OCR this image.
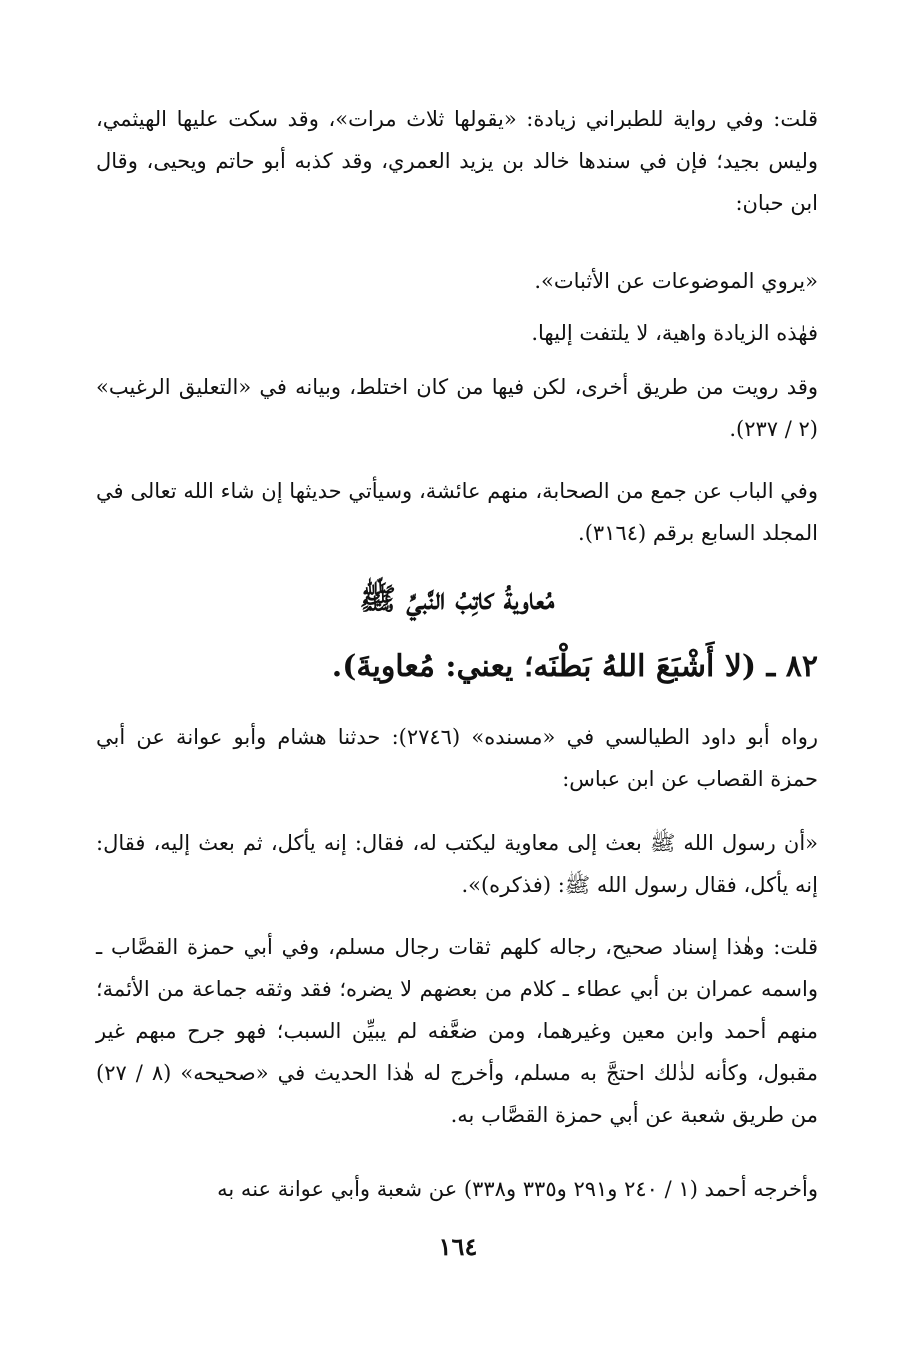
قلت: وفي رواية للطبراني زيادة: «يقولها ثلاث مرات»، وقد سكت عليها الهيثمي، وليس بجيد؛ فإن في سندها خالد بن يزيد العمري، وقد كذبه أبو حاتم ويحيى، وقال ابن حبان:

«يروي الموضوعات عن الأثبات».

فهٰذه الزيادة واهية، لا يلتفت إليها.

وقد رويت من طريق أخرى، لكن فيها من كان اختلط، وبيانه في «التعليق الرغيب» (٢ / ٢٣٧).

وفي الباب عن جمع من الصحابة، منهم عائشة، وسيأتي حديثها إن شاء الله تعالى في المجلد السابع برقم (٣١٦٤).

مُعاويةُ كاتِبُ النَّبيِّ ﷺ
٨٢ ـ (لا أَشْبَعَ اللهُ بَطْنَه؛ يعني: مُعاويةَ).

رواه أبو داود الطيالسي في «مسنده» (٢٧٤٦): حدثنا هشام وأبو عوانة عن أبي حمزة القصاب عن ابن عباس:

«أن رسول الله ﷺ بعث إلى معاوية ليكتب له، فقال: إنه يأكل، ثم بعث إليه، فقال: إنه يأكل، فقال رسول الله ﷺ: (فذكره)».

قلت: وهٰذا إسناد صحيح، رجاله كلهم ثقات رجال مسلم، وفي أبي حمزة القصَّاب ـ واسمه عمران بن أبي عطاء ـ كلام من بعضهم لا يضره؛ فقد وثقه جماعة من الأئمة؛ منهم أحمد وابن معين وغيرهما، ومن ضعَّفه لم يبيِّن السبب؛ فهو جرح مبهم غير مقبول، وكأنه لذٰلك احتجَّ به مسلم، وأخرج له هٰذا الحديث في «صحيحه» (٨ / ٢٧) من طريق شعبة عن أبي حمزة القصَّاب به.

وأخرجه أحمد (١ / ٢٤٠ و٢٩١ و٣٣٥ و٣٣٨) عن شعبة وأبي عوانة عنه به

١٦٤
